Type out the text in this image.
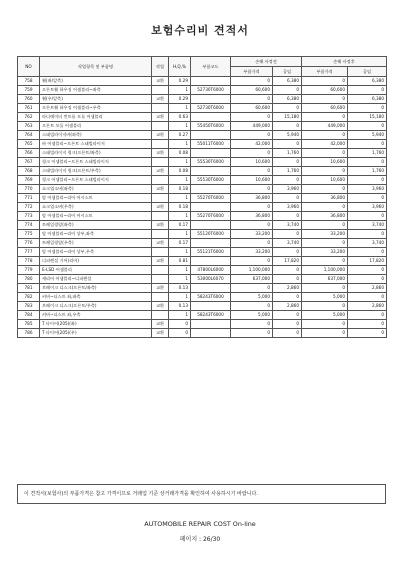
보험수리비 견적서
NO	작업항목 및 부품명	작업	H,Q,%	부품코드	손해 사정전		손해 사정후	
					부품가격	공임	부품가격	공임
758	휠(좌/앞측)	교환	0.29		0	6,380	0	6,380
759	프론트휠 하우징 어셈블리~좌측		1	52730T6000	60,600	0	60,600	0
760	휠(우/앞측)	교환	0.29		0	6,380	0	6,380
761	프론트휠 하우징 어셈블리~우측		1	52730T6000	60,600	0	60,600	0
762	라디에이터 컨트롤 모듈 어셈블리	교환	0.63		0	15,180	0	15,180
763	프론트 모듈 어셈블리		1	55450T6000	449,000	0	449,000	0
764	스태빌라이저바(좌측)	교환	0.27		0	5,940	0	5,940
765	바 어셈블리~프론트 스태빌라이저		1	55011T6000	42,000	0	42,000	0
766	스태빌라이저 링크(프론트/좌측)	교환	0.08		0	1,760	0	1,760
767	링크 어셈블리~프론트 스태빌라이저		1	55530T6000	10,600	0	10,600	0
768	스태빌라이저 링크(프론트/우측)	교환	0.08		0	1,760	0	1,760
769	링크 어셈블리~프론트 스태빌라이저		1	55530T6000	10,600	0	10,600	0
770	쇼크업소버(좌측)	교환	0.18		0	3,960	0	3,960
771	암 어셈블리~리어 어시스트		1	55270T6000	36,800	0	36,800	0
772	쇼크업소버(우측)	교환	0.18		0	3,960	0	3,960
773	암 어셈블리~리어 어시스트		1	55270T6000	36,800	0	36,800	0
774	트레일링암(좌측)	교환	0.17		0	3,740	0	3,740
775	암 어셈블리~리어 상부,좌측		1	55120T6000	33,200	0	33,200	0
776	트레일링암(우측)	교환	0.17		0	3,740	0	3,740
777	암 어셈블리~리어 상부,우측		1	55121T6000	33,200	0	33,200	0
778	디퍼렌셜 기어(리어)	교환	0.81		0	17,820	0	17,820
779	E-LSD 어셈블리		1	47800L6000	1,100,000	0	1,100,000	0
780	캐리어 어셈블리~디퍼렌셜		1	53000L6070	637,000	0	637,000	0
781	브레이크 디스크(프론트/좌측)	교환	0.13		0	2,860	0	2,860
782	커버~더스트 좌,좌측		1	58243T6000	5,000	0	5,000	0
783	브레이크 디스크(프론트/우측)	교환	0.13		0	2,860	0	2,860
784	커버~더스트 좌,우측		1	58243T6000	5,000	0	5,000	0
785	T 타이어(205)(좌)	교환	0		0	0	0	0
786	T 타이어(205)(우)	교환	0		0	0	0	0
이 견적서(보험사)의 부품가격은 참고 가격이므로 거래업 기준 상거래가격을 확인하여 사용하시기 바랍니다.
AUTOMOBILE REPAIR COST On-line
페이지 : 26/30
